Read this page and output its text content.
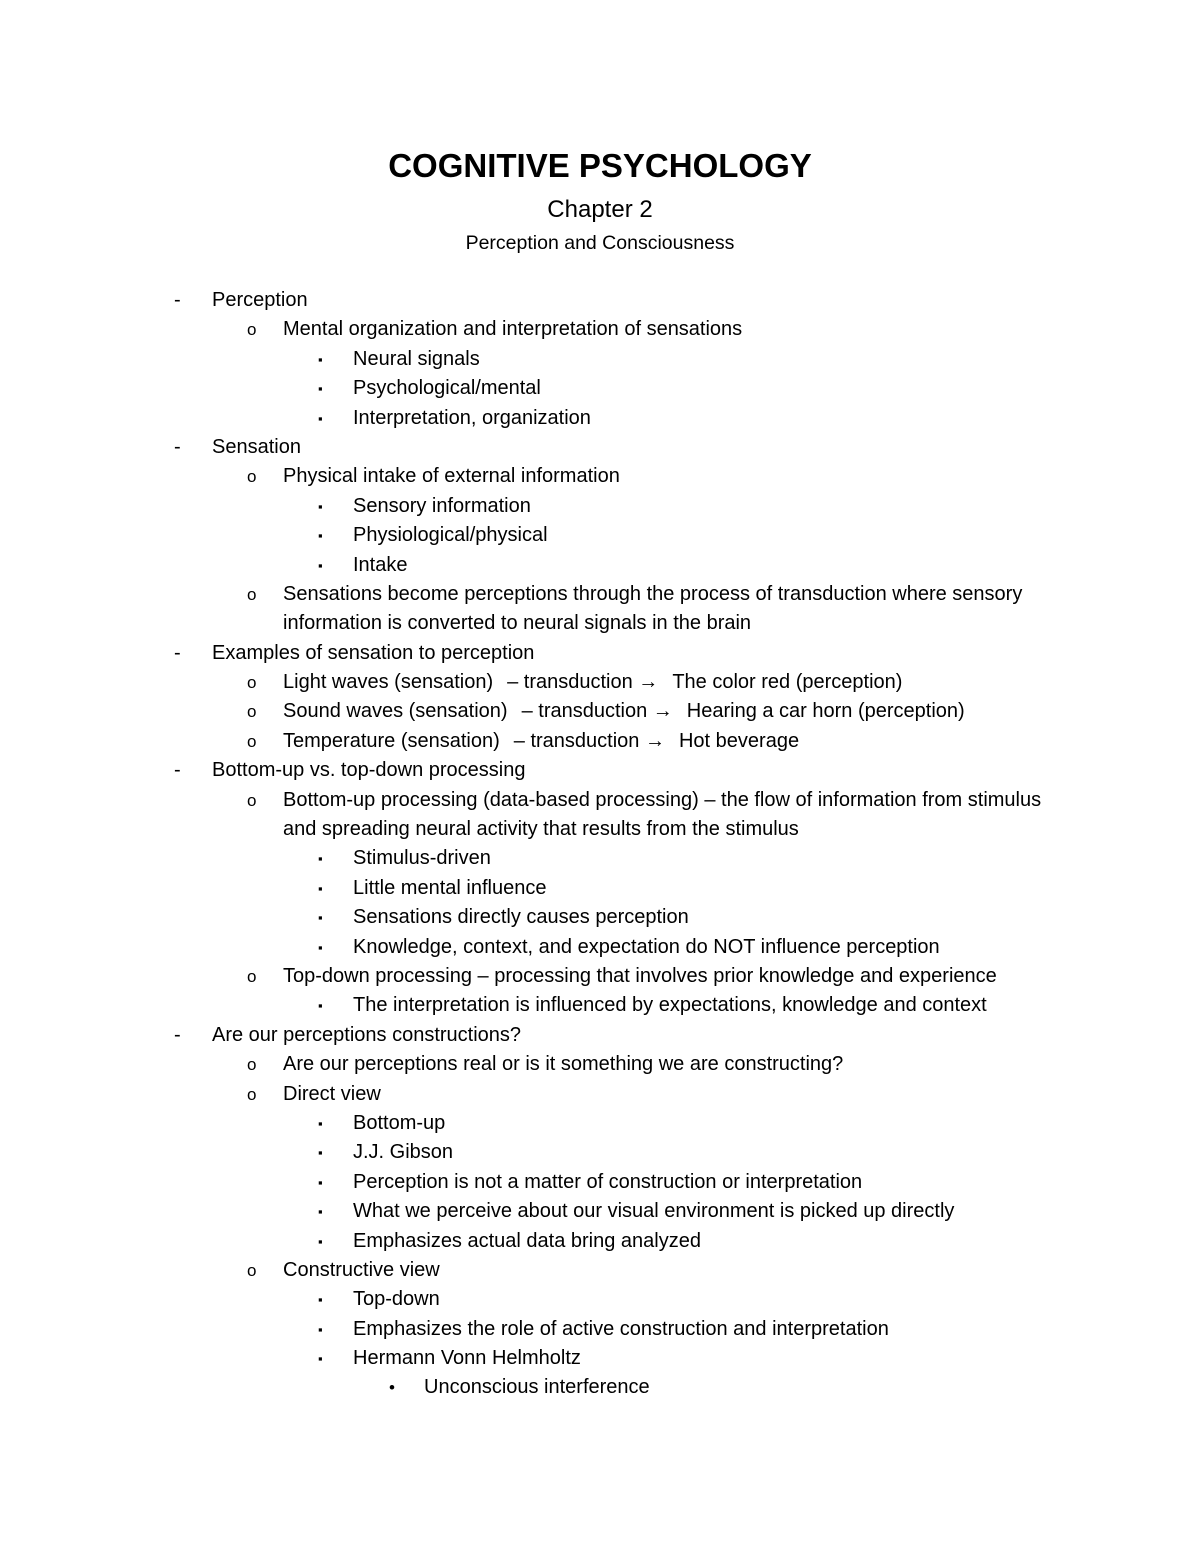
COGNITIVE PSYCHOLOGY
Chapter 2
Perception and Consciousness
- Perception
o Mental organization and interpretation of sensations
▪ Neural signals
▪ Psychological/mental
▪ Interpretation, organization
- Sensation
o Physical intake of external information
▪ Sensory information
▪ Physiological/physical
▪ Intake
o Sensations become perceptions through the process of transduction where sensory information is converted to neural signals in the brain
- Examples of sensation to perception
o Light waves (sensation) – transduction → The color red (perception)
o Sound waves (sensation) – transduction → Hearing a car horn (perception)
o Temperature (sensation) – transduction → Hot beverage
- Bottom-up vs. top-down processing
o Bottom-up processing (data-based processing) – the flow of information from stimulus and spreading neural activity that results from the stimulus
▪ Stimulus-driven
▪ Little mental influence
▪ Sensations directly causes perception
▪ Knowledge, context, and expectation do NOT influence perception
o Top-down processing – processing that involves prior knowledge and experience
▪ The interpretation is influenced by expectations, knowledge and context
- Are our perceptions constructions?
o Are our perceptions real or is it something we are constructing?
o Direct view
▪ Bottom-up
▪ J.J. Gibson
▪ Perception is not a matter of construction or interpretation
▪ What we perceive about our visual environment is picked up directly
▪ Emphasizes actual data bring analyzed
o Constructive view
▪ Top-down
▪ Emphasizes the role of active construction and interpretation
▪ Hermann Vonn Helmholtz
• Unconscious interference
